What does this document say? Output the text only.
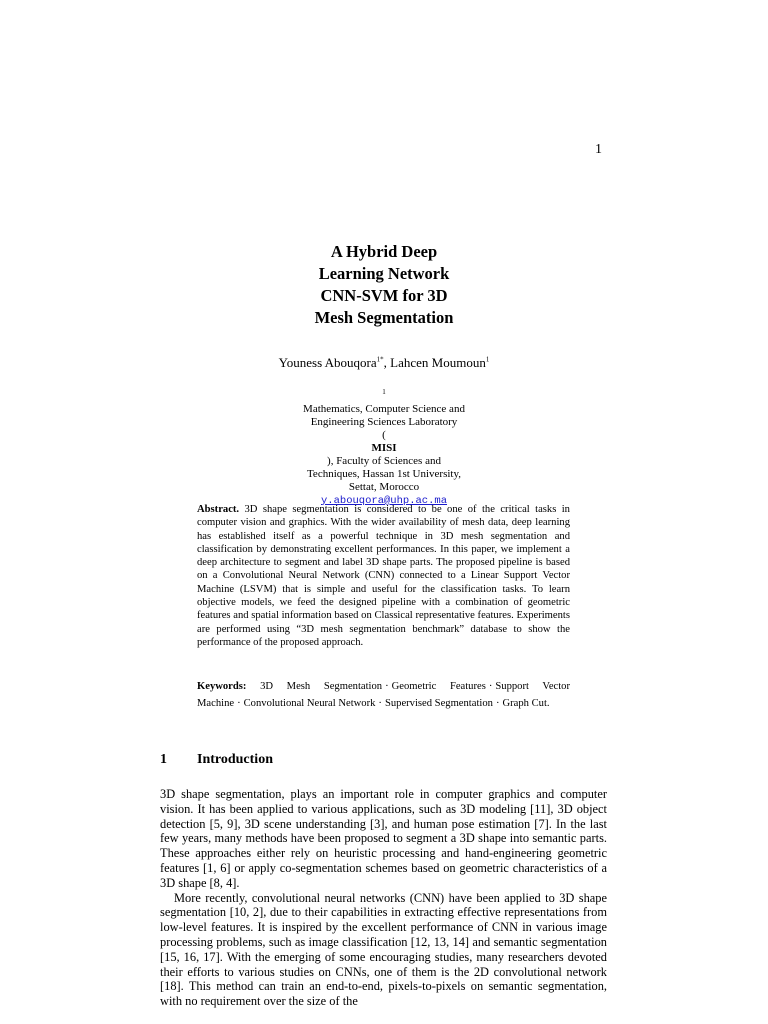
1
A Hybrid Deep
Learning Network
CNN-SVM for 3D
Mesh Segmentation
Youness Abouqora$^{1*}$, Lahcen Moumoun$^1$
$^1$
Mathematics, Computer Science and
Engineering Sciences Laboratory
(
MISI
), Faculty of Sciences and
Techniques, Hassan 1st University,
Settat, Morocco
y.abouqora@uhp.ac.ma

Abstract. 3D shape segmentation is considered to be one of the critical tasks in computer vision and graphics. With the wider availability of mesh data, deep learning has established itself as a powerful technique in 3D mesh segmentation and classification by demonstrating excellent performances. In this paper, we implement a deep architecture to segment and label 3D shape parts. The proposed pipeline is based on a Convolutional Neural Network (CNN) connected to a Linear Support Vector Machine (LSVM) that is simple and useful for the classification tasks. To learn objective models, we feed the designed pipeline with a combination of geometric features and spatial information based on Classical representative features. Experiments are performed using “3D mesh segmentation benchmark” database to show the performance of the proposed approach.

Keywords: 3D Mesh Segmentation · Geometric Features · Support Vector Machine · Convolutional Neural Network · Supervised Segmentation · Graph Cut.

1 Introduction

3D shape segmentation, plays an important role in computer graphics and computer vision. It has been applied to various applications, such as 3D modeling [11], 3D object detection [5, 9], 3D scene understanding [3], and human pose estimation [7]. In the last few years, many methods have been proposed to segment a 3D shape into semantic parts. These approaches either rely on heuristic processing and hand-engineering geometric features [1, 6] or apply co-segmentation schemes based on geometric characteristics of a 3D shape [8, 4].

More recently, convolutional neural networks (CNN) have been applied to 3D shape segmentation [10, 2], due to their capabilities in extracting effective representations from low-level features. It is inspired by the excellent performance of CNN in various image processing problems, such as image classification [12, 13, 14] and semantic segmentation [15, 16, 17]. With the emerging of some encouraging studies, many researchers devoted their efforts to various studies on CNNs, one of them is the 2D convolutional network [18]. This method can train an end-to-end, pixels-to-pixels on semantic segmentation, with no requirement over the size of the
